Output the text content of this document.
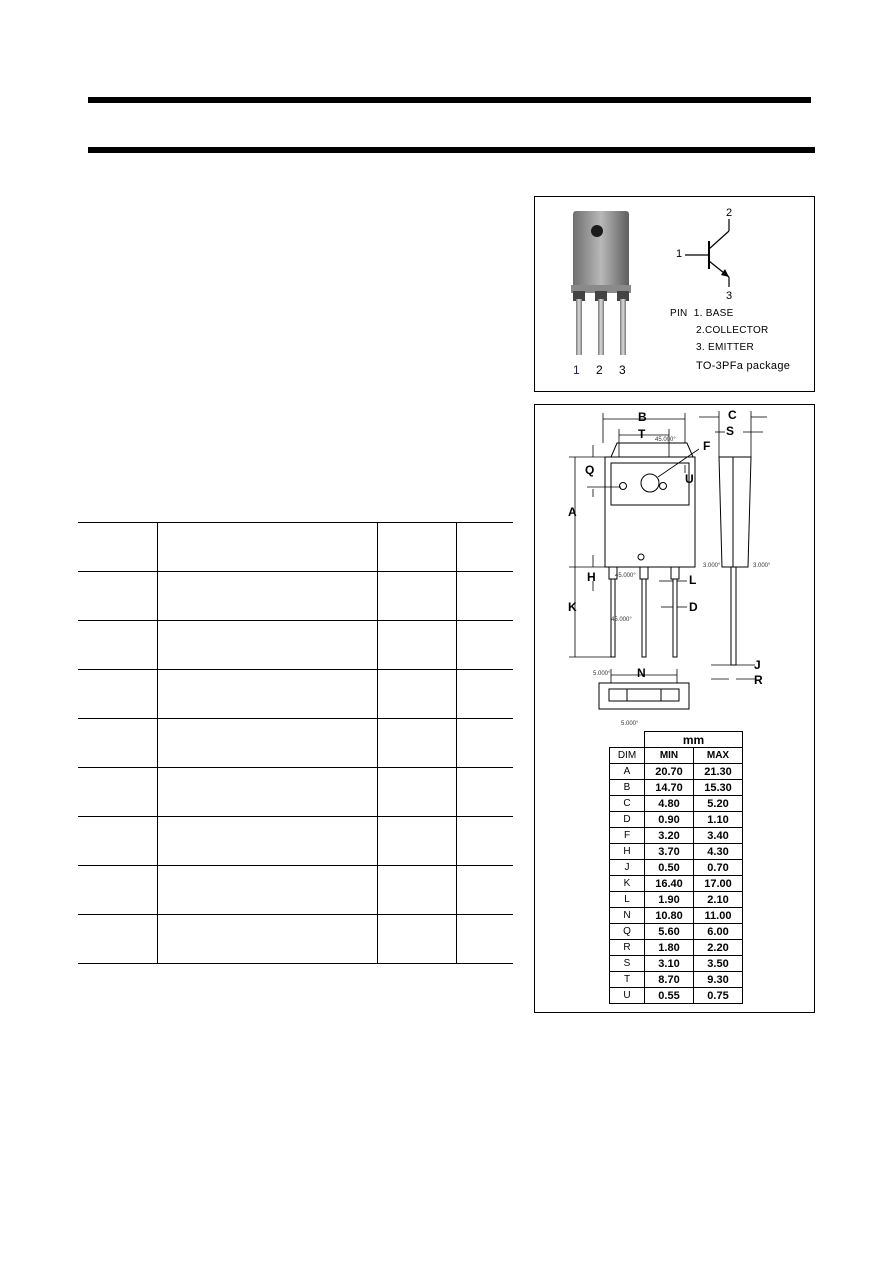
1 2 3
2
1
3
PIN  1. BASE
2.COLLECTOR
3. EMITTER
TO-3PFa package
B
T
C
S
F
U
Q
A
H	L
K	D
J
R
N
45.000°
45.000°
45.000°
3.000°	3.000°
5.000°
5.000°
	mm	
DIM	MIN	MAX
A	20.70	21.30
B	14.70	15.30
C	4.80	5.20
D	0.90	1.10
F	3.20	3.40
H	3.70	4.30
J	0.50	0.70
K	16.40	17.00
L	1.90	2.10
N	10.80	11.00
Q	5.60	6.00
R	1.80	2.20
S	3.10	3.50
T	8.70	9.30
U	0.55	0.75
